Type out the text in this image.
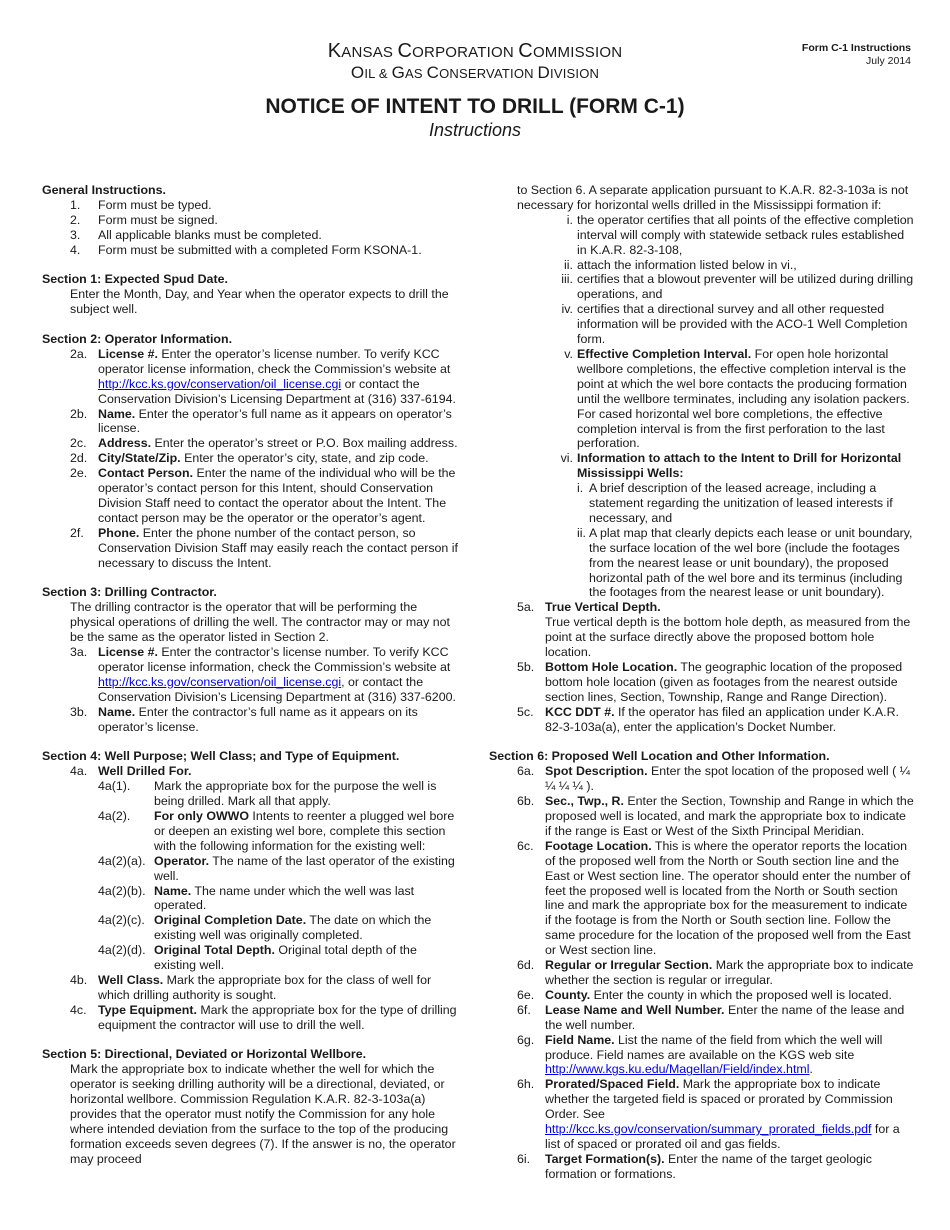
KANSAS CORPORATION COMMISSION
OIL & GAS CONSERVATION DIVISION
Form C-1 Instructions
July 2014
NOTICE OF INTENT TO DRILL (FORM C-1)
Instructions
General Instructions.
1.	Form must be typed.
2.	Form must be signed.
3.	All applicable blanks must be completed.
4.	Form must be submitted with a completed Form KSONA-1.
Section 1: Expected Spud Date.
Enter the Month, Day, and Year when the operator expects to drill the subject well.
Section 2: Operator Information.
2a. License #. Enter the operator’s license number. To verify KCC operator license information, check the Commission’s website at http://kcc.ks.gov/conservation/oil_license.cgi or contact the Conservation Division’s Licensing Department at (316) 337-6194.
2b. Name. Enter the operator’s full name as it appears on operator’s license.
2c. Address. Enter the operator’s street or P.O. Box mailing address.
2d. City/State/Zip. Enter the operator’s city, state, and zip code.
2e. Contact Person. Enter the name of the individual who will be the operator’s contact person for this Intent, should Conservation Division Staff need to contact the operator about the Intent. The contact person may be the operator or the operator’s agent.
2f.	Phone. Enter the phone number of the contact person, so Conservation Division Staff may easily reach the contact person if necessary to discuss the Intent.
Section 3: Drilling Contractor.
The drilling contractor is the operator that will be performing the physical operations of drilling the well. The contractor may or may not be the same as the operator listed in Section 2.
3a. License #. Enter the contractor’s license number. To verify KCC operator license information, check the Commission’s website at http://kcc.ks.gov/conservation/oil_license.cgi, or contact the Conservation Division’s Licensing Department at (316) 337-6200.
3b. Name. Enter the contractor’s full name as it appears on its operator’s license.
Section 4: Well Purpose; Well Class; and Type of Equipment.
4a. Well Drilled For.
4a(1).	Mark the appropriate box for the purpose the well is being drilled. Mark all that apply.
4a(2).	For only OWWO Intents to reenter a plugged wel bore or deepen an existing wel bore, complete this section with the following information for the existing well:
4a(2)(a). Operator. The name of the last operator of the existing well.
4a(2)(b). Name. The name under which the well was last operated.
4a(2)(c). Original Completion Date. The date on which the existing well was originally completed.
4a(2)(d). Original Total Depth. Original total depth of the existing well.
4b. Well Class. Mark the appropriate box for the class of well for which drilling authority is sought.
4c. Type Equipment. Mark the appropriate box for the type of drilling equipment the contractor will use to drill the well.
Section 5: Directional, Deviated or Horizontal Wellbore.
Mark the appropriate box to indicate whether the well for which the operator is seeking drilling authority will be a directional, deviated, or horizontal wellbore. Commission Regulation K.A.R. 82-3-103a(a) provides that the operator must notify the Commission for any hole where intended deviation from the surface to the top of the producing formation exceeds seven degrees (7). If the answer is no, the operator may proceed
to Section 6. A separate application pursuant to K.A.R. 82-3-103a is not necessary for horizontal wells drilled in the Mississippi formation if:
i. the operator certifies that all points of the effective completion interval will comply with statewide setback rules established in K.A.R. 82-3-108,
ii. attach the information listed below in vi.,
iii. certifies that a blowout preventer will be utilized during drilling operations, and
iv. certifies that a directional survey and all other requested information will be provided with the ACO-1 Well Completion form.
v. Effective Completion Interval. For open hole horizontal wellbore completions, the effective completion interval is the point at which the wel bore contacts the producing formation until the wellbore terminates, including any isolation packers. For cased horizontal wel bore completions, the effective completion interval is from the first perforation to the last perforation.
vi. Information to attach to the Intent to Drill for Horizontal Mississippi Wells:
i. A brief description of the leased acreage, including a statement regarding the unitization of leased interests if necessary, and
ii. A plat map that clearly depicts each lease or unit boundary, the surface location of the wel bore (include the footages from the nearest lease or unit boundary), the proposed horizontal path of the wel bore and its terminus (including the footages from the nearest lease or unit boundary).
5a. True Vertical Depth.
True vertical depth is the bottom hole depth, as measured from the point at the surface directly above the proposed bottom hole location.
5b. Bottom Hole Location. The geographic location of the proposed bottom hole location (given as footages from the nearest outside section lines, Section, Township, Range and Range Direction).
5c. KCC DDT #. If the operator has filed an application under K.A.R. 82-3-103a(a), enter the application’s Docket Number.
Section 6: Proposed Well Location and Other Information.
6a. Spot Description. Enter the spot location of the proposed well ( ¼ ¼ ¼ ¼ ).
6b. Sec., Twp., R. Enter the Section, Township and Range in which the proposed well is located, and mark the appropriate box to indicate if the range is East or West of the Sixth Principal Meridian.
6c. Footage Location. This is where the operator reports the location of the proposed well from the North or South section line and the East or West section line. The operator should enter the number of feet the proposed well is located from the North or South section line and mark the appropriate box for the measurement to indicate if the footage is from the North or South section line. Follow the same procedure for the location of the proposed well from the East or West section line.
6d. Regular or Irregular Section. Mark the appropriate box to indicate whether the section is regular or irregular.
6e. County. Enter the county in which the proposed well is located.
6f.	Lease Name and Well Number. Enter the name of the lease and the well number.
6g. Field Name. List the name of the field from which the well will produce. Field names are available on the KGS web site http://www.kgs.ku.edu/Magellan/Field/index.html.
6h. Prorated/Spaced Field. Mark the appropriate box to indicate whether the targeted field is spaced or prorated by Commission Order. See http://kcc.ks.gov/conservation/summary_prorated_fields.pdf for a list of spaced or prorated oil and gas fields.
6i.	Target Formation(s). Enter the name of the target geologic formation or formations.
